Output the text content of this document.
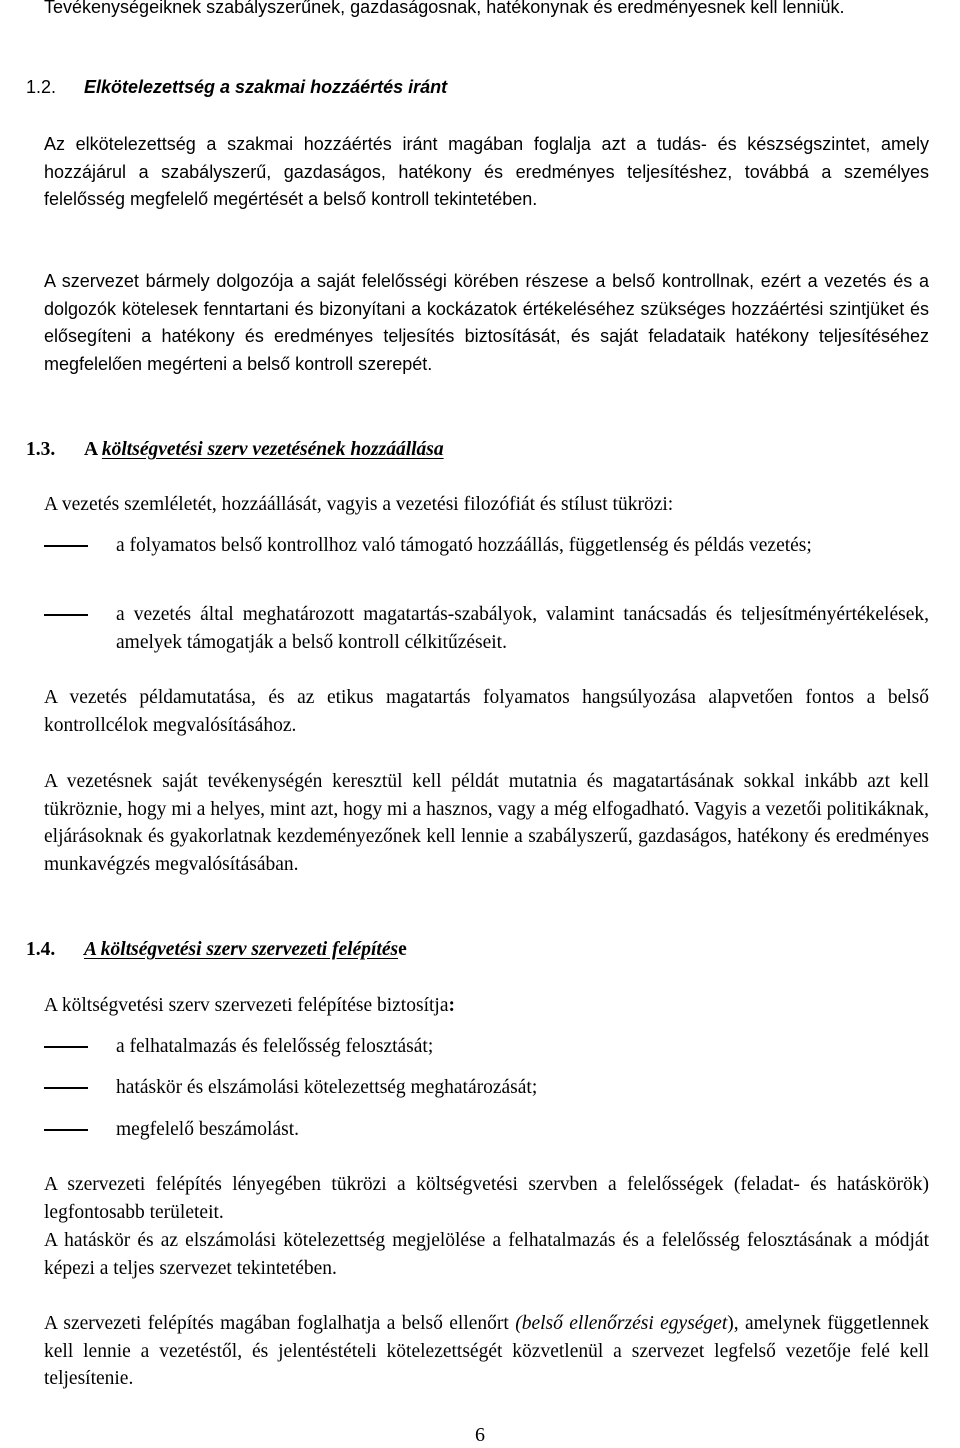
Tevékenységeiknek szabályszerűnek, gazdaságosnak, hatékonynak és eredményesnek kell lenniük.

1.2. Elkötelezettség a szakmai hozzáértés iránt

Az elkötelezettség a szakmai hozzáértés iránt magában foglalja azt a tudás- és készségszintet, amely hozzájárul a szabályszerű, gazdaságos, hatékony és eredményes teljesítéshez, továbbá a személyes felelősség megfelelő megértését a belső kontroll tekintetében.

A szervezet bármely dolgozója a saját felelősségi körében részese a belső kontrollnak, ezért a vezetés és a dolgozók kötelesek fenntartani és bizonyítani a kockázatok értékeléséhez szükséges hozzáértési szintjüket és elősegíteni a hatékony és eredményes teljesítés biztosítását, és saját feladataik hatékony teljesítéséhez megfelelően megérteni a belső kontroll szerepét.

1.3. A költségvetési szerv vezetésének hozzáállása

A vezetés szemléletét, hozzáállását, vagyis a vezetési filozófiát és stílust tükrözi:

a folyamatos belső kontrollhoz való támogató hozzáállás, függetlenség és példás vezetés;
a vezetés által meghatározott magatartás-szabályok, valamint tanácsadás és teljesítményértékelések, amelyek támogatják a belső kontroll célkitűzéseit.

A vezetés példamutatása, és az etikus magatartás folyamatos hangsúlyozása alapvetően fontos a belső kontrollcélok megvalósításához.

A vezetésnek saját tevékenységén keresztül kell példát mutatnia és magatartásának sokkal inkább azt kell tükröznie, hogy mi a helyes, mint azt, hogy mi a hasznos, vagy a még elfogadható. Vagyis a vezetői politikáknak, eljárásoknak és gyakorlatnak kezdeményezőnek kell lennie a szabályszerű, gazdaságos, hatékony és eredményes munkavégzés megvalósításában.

1.4. A költségvetési szerv szervezeti felépítése

A költségvetési szerv szervezeti felépítése biztosítja:

a felhatalmazás és felelősség felosztását;
hatáskör és elszámolási kötelezettség meghatározását;
megfelelő beszámolást.

A szervezeti felépítés lényegében tükrözi a költségvetési szervben a felelősségek (feladat- és hatáskörök) legfontosabb területeit.

A hatáskör és az elszámolási kötelezettség megjelölése a felhatalmazás és a felelősség felosztásának a módját képezi a teljes szervezet tekintetében.

A szervezeti felépítés magában foglalhatja a belső ellenőrt (belső ellenőrzési egységet), amelynek függetlennek kell lennie a vezetéstől, és jelentéstételi kötelezettségét közvetlenül a szervezet legfelső vezetője felé kell teljesítenie.

6
